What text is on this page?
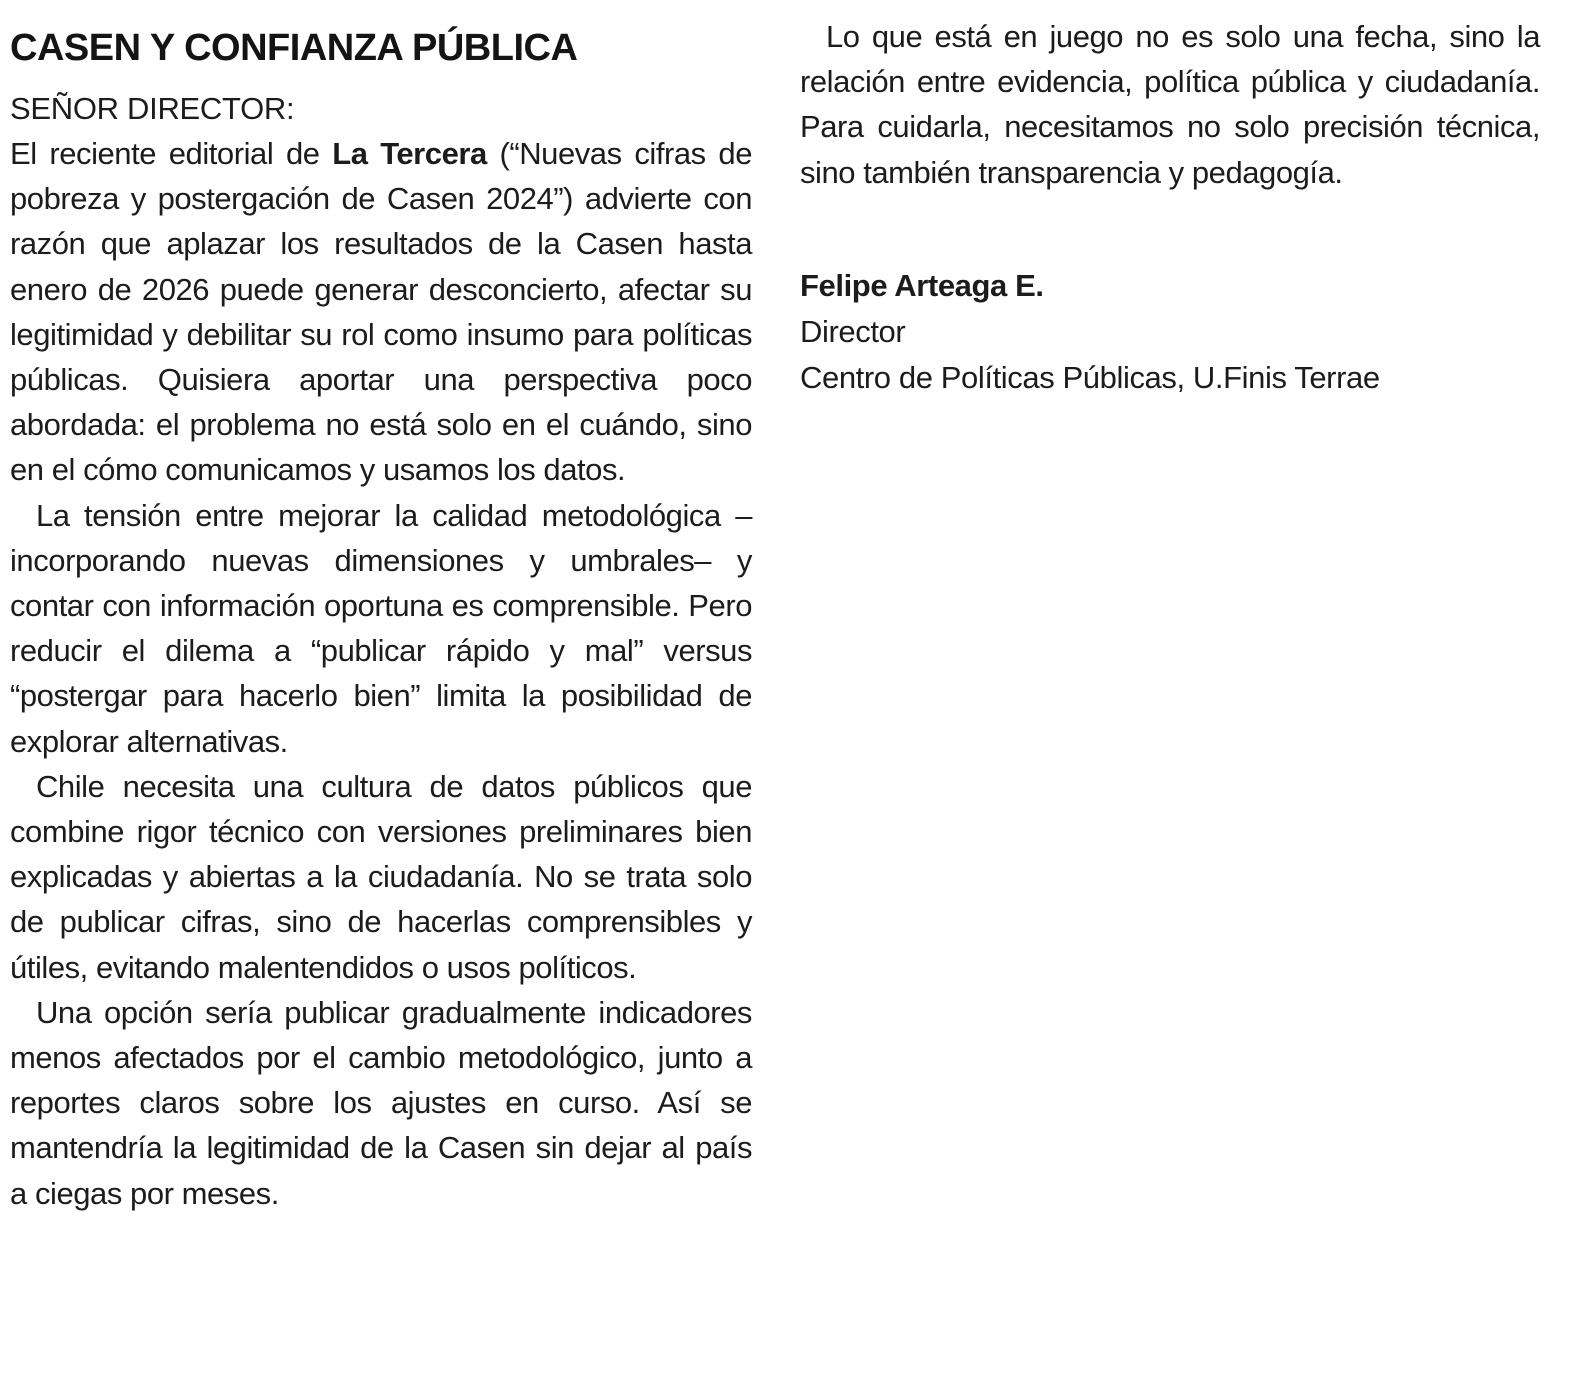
CASEN Y CONFIANZA PÚBLICA

SEÑOR DIRECTOR:

El reciente editorial de La Tercera (“Nuevas cifras de pobreza y postergación de Casen 2024”) advierte con razón que aplazar los resultados de la Casen hasta enero de 2026 puede generar desconcierto, afectar su legitimidad y debilitar su rol como insumo para políticas públicas. Quisiera aportar una perspectiva poco abordada: el problema no está solo en el cuándo, sino en el cómo comunicamos y usamos los datos.

La tensión entre mejorar la calidad metodológica –incorporando nuevas dimensiones y umbrales– y contar con información oportuna es comprensible. Pero reducir el dilema a “publicar rápido y mal” versus “postergar para hacerlo bien” limita la posibilidad de explorar alternativas.

Chile necesita una cultura de datos públicos que combine rigor técnico con versiones preliminares bien explicadas y abiertas a la ciudadanía. No se trata solo de publicar cifras, sino de hacerlas comprensibles y útiles, evitando malentendidos o usos políticos.

Una opción sería publicar gradualmente indicadores menos afectados por el cambio metodológico, junto a reportes claros sobre los ajustes en curso. Así se mantendría la legitimidad de la Casen sin dejar al país a ciegas por meses.

Lo que está en juego no es solo una fecha, sino la relación entre evidencia, política pública y ciudadanía. Para cuidarla, necesitamos no solo precisión técnica, sino también transparencia y pedagogía.

Felipe Arteaga E.

Director

Centro de Políticas Públicas, U.Finis Terrae
